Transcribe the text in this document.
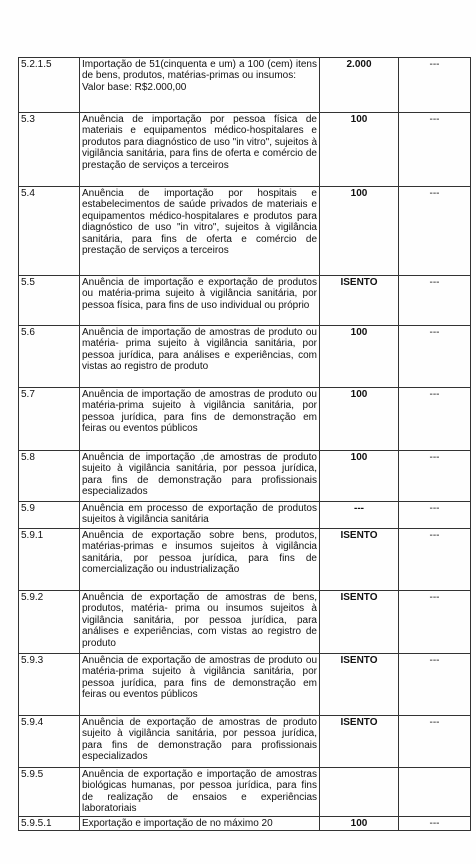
5.2.1.5	Importação de 51(cinquenta e um) a 100 (cem) itens de bens, produtos, matérias-primas ou insumos:
Valor base: R$2.000,00	2.000	---
5.3	Anuência de importação por pessoa física de materiais e equipamentos médico-hospitalares e produtos para diagnóstico de uso "in vitro", sujeitos à vigilância sanitária, para fins de oferta e comércio de prestação de serviços a terceiros	100	---
5.4	Anuência de importação por hospitais e estabelecimentos de saúde privados de materiais e equipamentos médico-hospitalares e produtos para diagnóstico de uso "in vitro", sujeitos à vigilância sanitária, para fins de oferta e comércio de prestação de serviços a terceiros	100	---
5.5	Anuência de importação e exportação de produtos ou matéria-prima sujeito à vigilância sanitária, por pessoa física, para fins de uso individual ou próprio	ISENTO	---
5.6	Anuência de importação de amostras de produto ou matéria- prima sujeito à vigilância sanitária, por pessoa jurídica, para análises e experiências, com vistas ao registro de produto	100	---
5.7	Anuência de importação de amostras de produto ou matéria-prima sujeito à vigilância sanitária, por pessoa jurídica, para fins de demonstração em feiras ou eventos públicos	100	---
5.8	Anuência de importação ,de amostras de produto sujeito à vigilância sanitária, por pessoa jurídica, para fins de demonstração para profissionais especializados	100	---
5.9	Anuência em processo de exportação de produtos sujeitos à vigilância sanitária	---	---
5.9.1	Anuência de exportação sobre bens, produtos, matérias-primas e insumos sujeitos à vigilância sanitária, por pessoa jurídica, para fins de comercialização ou industrialização	ISENTO	---
5.9.2	Anuência de exportação de amostras de bens, produtos, matéria- prima ou insumos sujeitos à vigilância sanitária, por pessoa jurídica, para análises e experiências, com vistas ao registro de produto	ISENTO	---
5.9.3	Anuência de exportação de amostras de produto ou matéria-prima sujeito à vigilância sanitária, por pessoa jurídica, para fins de demonstração em feiras ou eventos públicos	ISENTO	---
5.9.4	Anuência de exportação de amostras de produto sujeito à vigilância sanitária, por pessoa jurídica, para fins de demonstração para profissionais especializados	ISENTO	---
5.9.5	Anuência de exportação e importação de amostras biológicas humanas, por pessoa jurídica, para fins de realização de ensaios e experiências laboratoriais		
5.9.5.1	Exportação e importação de no máximo 20	100	---
